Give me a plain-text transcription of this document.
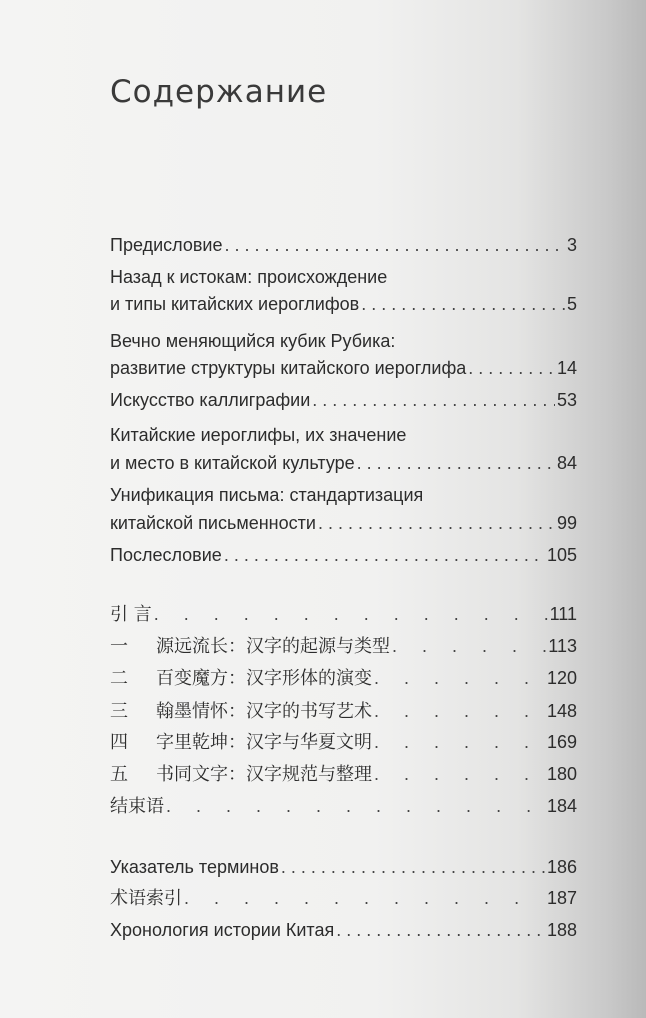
Содержание
Предисловие . . .	3
Назад к истокам: происхождение
и типы китайских иероглифов . . .	5
Вечно меняющийся кубик Рубика:
развитие структуры китайского иероглифа . . .	14
Искусство каллиграфии . . .	53
Китайские иероглифы, их значение
и место в китайской культуре . . .	84
Унификация письма: стандартизация
китайской письменности . . .	99
Послесловие . . .	105
引 言 .	111
一 源远流长：汉字的起源与类型 .	113
二 百变魔方：汉字形体的演变 .	120
三 翰墨情怀：汉字的书写艺术 .	148
四 字里乾坤：汉字与华夏文明 .	169
五 书同文字：汉字规范与整理 .	180
结束语 .	184
Указатель терминов . . .	186
术语索引 .	187
Хронология истории Китая . . .	188
